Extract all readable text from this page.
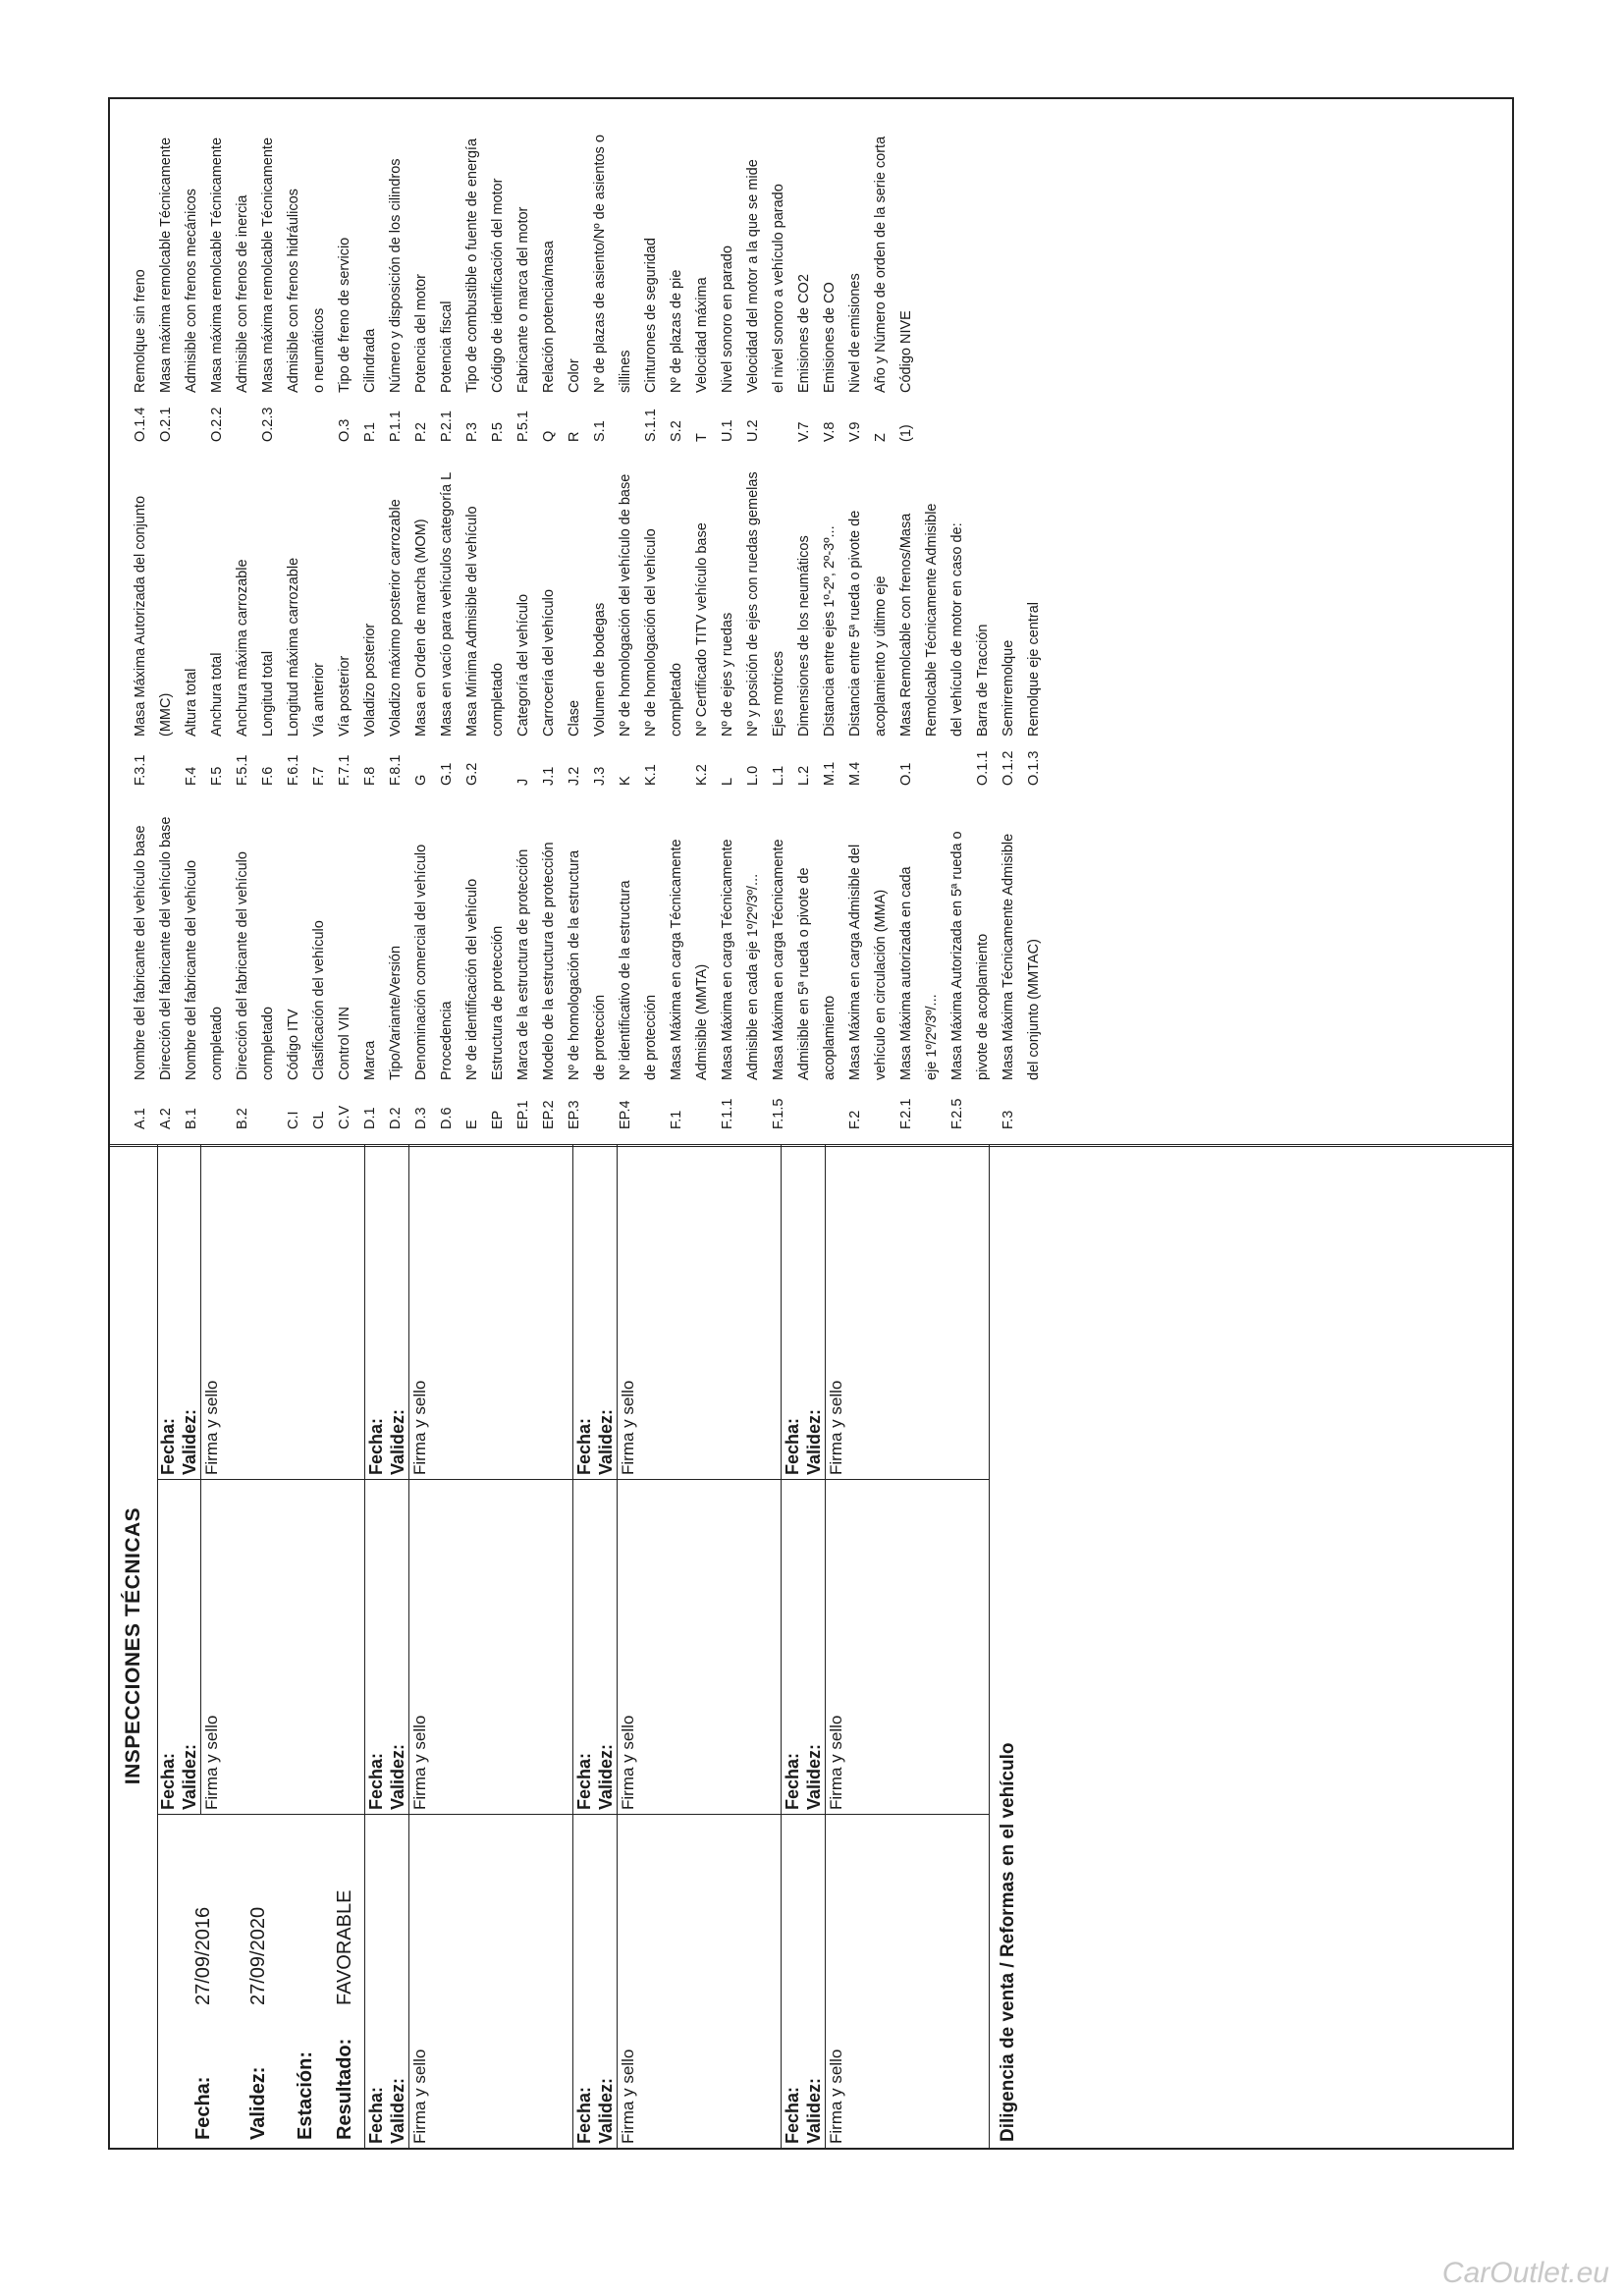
INSPECCIONES TÉCNICAS
Fecha:
27/09/2016
Validez:
27/09/2020
Estación: Resultado:
FAVORABLE
Fecha: Validez: Firma y sello
Fecha: Validez: Firma y sello
Fecha: Validez: Firma y sello
Fecha: Validez: Firma y sello
Fecha: Validez: Firma y sello
Fecha: Validez: Firma y sello
Fecha: Validez: Firma y sello
Fecha: Validez: Firma y sello
Fecha: Validez: Firma y sello
Fecha: Validez: Firma y sello
Fecha: Validez: Firma y sello
Diligencia de venta / Reformas en el vehículo
A.1
Nombre del fabricante del vehículo base
A.2
Dirección del fabricante del vehículo base
B.1
Nombre del fabricante del vehículo completado
B.2
Dirección del fabricante del vehículo completado
C.I
Código ITV
CL
Clasificación del vehículo
C.V
Control VIN
D.1
Marca
D.2
Tipo/Variante/Versión
D.3
Denominación comercial del vehículo
D.6
Procedencia
E
Nº de identificación del vehículo
EP
Estructura de protección
EP.1
Marca de la estructura de protección
EP.2
Modelo de la estructura de protección
EP.3
Nº de homologación de la estructura de protección
EP.4
Nº identificativo de la estructura de protección
F.1
Masa Máxima en carga Técnicamente Admisible (MMTA)
F.1.1
Masa Máxima en carga Técnicamente Admisible en cada eje 1º/2º/3º/...
F.1.5
Masa Máxima en carga Técnicamente Admisible en 5ª rueda o pivote de acoplamiento
F.2
Masa Máxima en carga Admisible del vehículo en circulación (MMA)
F.2.1
Masa Máxima autorizada en cada eje 1º/2º/3º/...
F.2.5
Masa Máxima Autorizada en 5ª rueda o pivote de acoplamiento
F.3
Masa Máxima Técnicamente Admisible del conjunto (MMTAC)
F.3.1
Masa Máxima Autorizada del conjunto (MMC)
F.4
Altura total
F.5
Anchura total
F.5.1
Anchura máxima carrozable
F.6
Longitud total
F.6.1
Longitud máxima carrozable
F.7
Vía anterior
F.7.1
Vía posterior
F.8
Voladizo posterior
F.8.1
Voladizo máximo posterior carrozable
G
Masa en Orden de marcha (MOM)
G.1
Masa en vacío para vehículos categoría L
G.2
Masa Mínima Admisible del vehículo completado
J
Categoría del vehículo
J.1
Carrocería del vehículo
J.2
Clase
J.3
Volumen de bodegas
K
Nº de homologación del vehículo de base
K.1
Nº de homologación del vehículo completado
K.2
Nº Certificado TITV vehículo base
L
Nº de ejes y ruedas
L.0
Nº y posición de ejes con ruedas gemelas
L.1
Ejes motrices
L.2
Dimensiones de los neumáticos
M.1
Distancia entre ejes 1º-2º, 2º-3º...
M.4
Distancia entre 5ª rueda o pivote de acoplamiento y último eje
O.1
Masa Remolcable con frenos/Masa Remolcable Técnicamente Admisible del vehículo de motor en caso de:
O.1.1
Barra de Tracción
O.1.2
Semirremolque
O.1.3
Remolque eje central
O.1.4
Remolque sin freno
O.2.1
Masa máxima remolcable Técnicamente Admisible con frenos mecánicos
O.2.2
Masa máxima remolcable Técnicamente Admisible con frenos de inercia
O.2.3
Masa máxima remolcable Técnicamente Admisible con frenos hidráulicos o neumáticos
O.3
Tipo de freno de servicio
P.1
Cilindrada
P.1.1
Número y disposición de los cilindros
P.2
Potencia del motor
P.2.1
Potencia fiscal
P.3
Tipo de combustible o fuente de energía
P.5
Código de identificación del motor
P.5.1
Fabricante o marca del motor
Q
Relación potencia/masa
R
Color
S.1
Nº de plazas de asiento/Nº de asientos o sillines
S.1.1
Cinturones de seguridad
S.2
Nº de plazas de pie
T
Velocidad máxima
U.1
Nivel sonoro en parado
U.2
Velocidad del motor a la que se mide el nivel sonoro a vehículo parado
V.7
Emisiones de CO2
V.8
Emisiones de CO
V.9
Nivel de emisiones
Z
Año y Número de orden de la serie corta
(1)
Código NIVE
CarOutlet.eu
